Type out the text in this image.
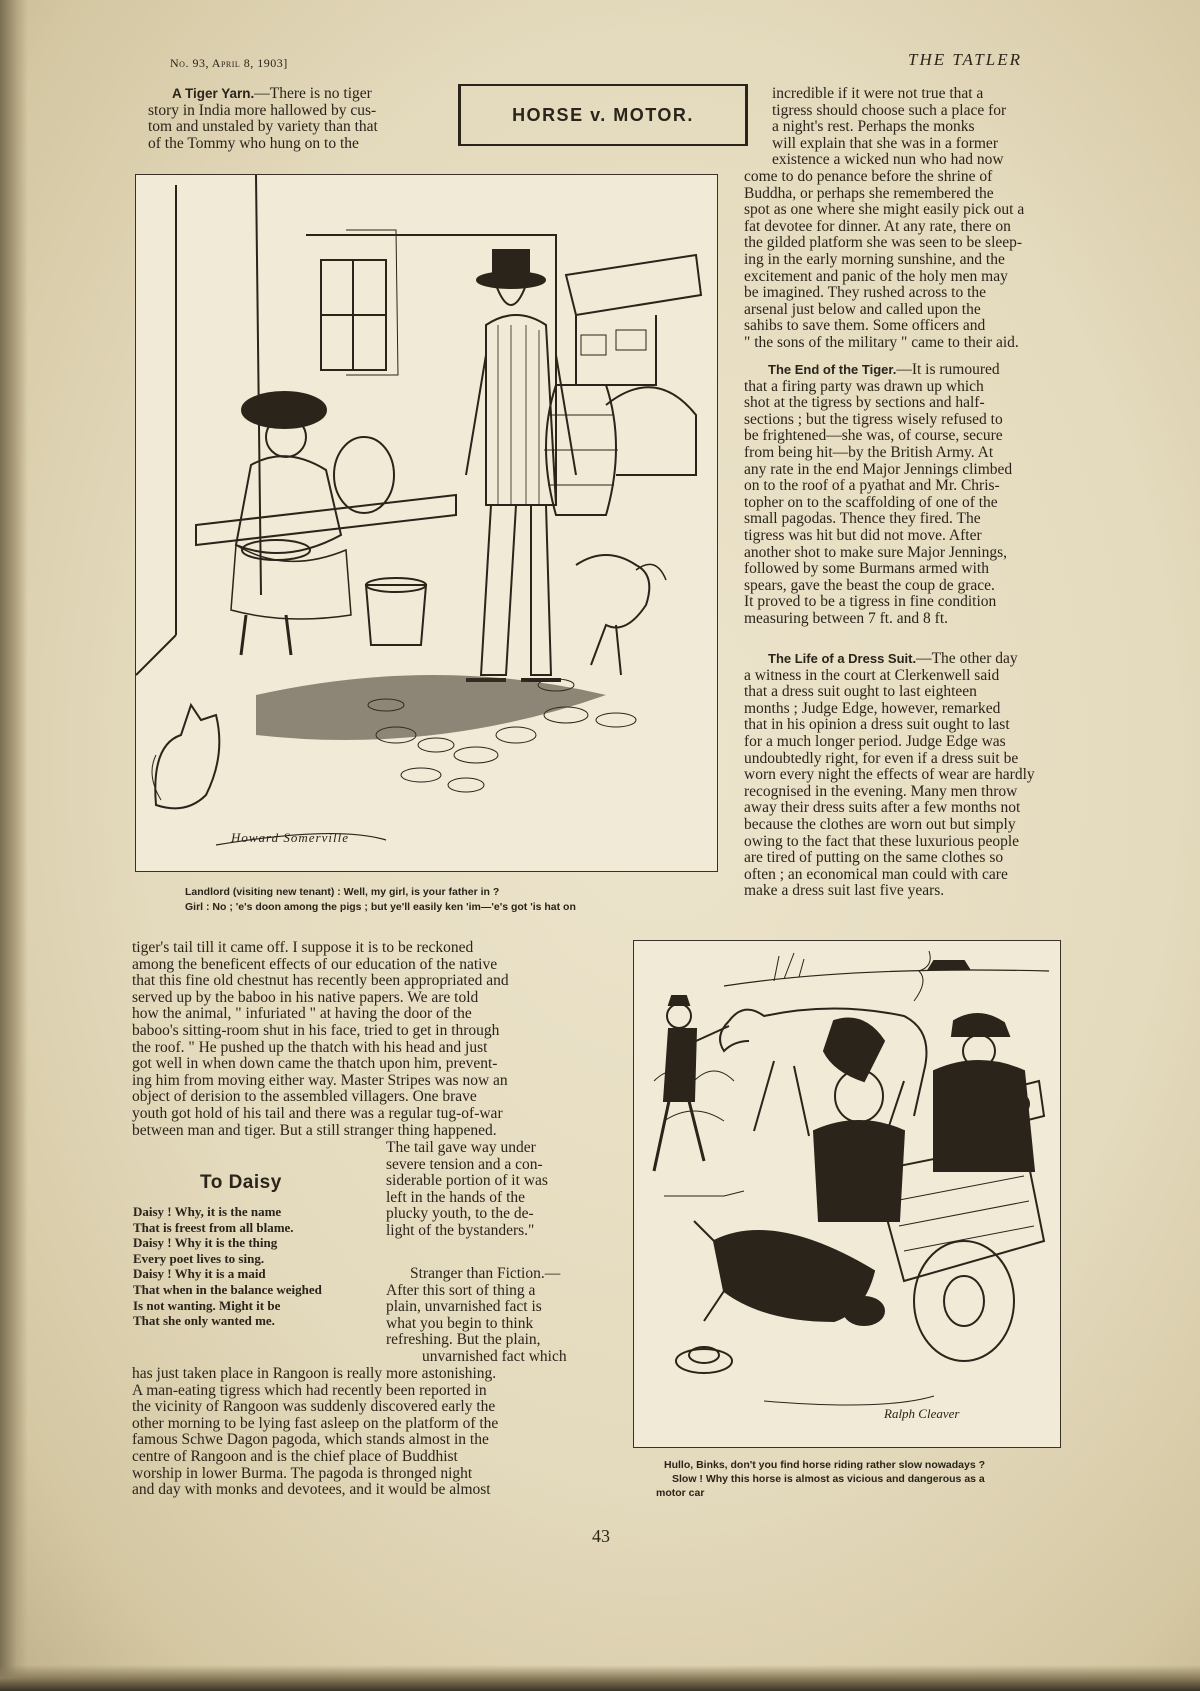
No. 93, April 8, 1903]	THE TATLER

A Tiger Yarn.—There is no tiger

story in India more hallowed by cus-

tom and unstaled by variety than that

of the Tommy who hung on to the

HORSE v. MOTOR.
Howard Somerville
Landlord (visiting new tenant) : Well, my girl, is your father in ?
Girl : No ; 'e's doon among the pigs ; but ye'll easily ken 'im—'e's got 'is hat on

incredible if it were not true that a

tigress should choose such a place for

a night's rest. Perhaps the monks

will explain that she was in a former

existence a wicked nun who had now

come to do penance before the shrine of

Buddha, or perhaps she remembered the

spot as one where she might easily pick out a

fat devotee for dinner. At any rate, there on

the gilded platform she was seen to be sleep-

ing in the early morning sunshine, and the

excitement and panic of the holy men may

be imagined. They rushed across to the

arsenal just below and called upon the

sahibs to save them. Some officers and

" the sons of the military " came to their aid.

The End of the Tiger.—It is rumoured

that a firing party was drawn up which

shot at the tigress by sections and half-

sections ; but the tigress wisely refused to

be frightened—she was, of course, secure

from being hit—by the British Army. At

any rate in the end Major Jennings climbed

on to the roof of a pyathat and Mr. Chris-

topher on to the scaffolding of one of the

small pagodas. Thence they fired. The

tigress was hit but did not move. After

another shot to make sure Major Jennings,

followed by some Burmans armed with

spears, gave the beast the coup de grace.

It proved to be a tigress in fine condition

measuring between 7 ft. and 8 ft.

The Life of a Dress Suit.—The other day

a witness in the court at Clerkenwell said

that a dress suit ought to last eighteen

months ; Judge Edge, however, remarked

that in his opinion a dress suit ought to last

for a much longer period. Judge Edge was

undoubtedly right, for even if a dress suit be

worn every night the effects of wear are hardly

recognised in the evening. Many men throw

away their dress suits after a few months not

because the clothes are worn out but simply

owing to the fact that these luxurious people

are tired of putting on the same clothes so

often ; an economical man could with care

make a dress suit last five years.

tiger's tail till it came off. I suppose it is to be reckoned

among the beneficent effects of our education of the native

that this fine old chestnut has recently been appropriated and

served up by the baboo in his native papers. We are told

how the animal, " infuriated " at having the door of the

baboo's sitting-room shut in his face, tried to get in through

the roof. " He pushed up the thatch with his head and just

got well in when down came the thatch upon him, prevent-

ing him from moving either way. Master Stripes was now an

object of derision to the assembled villagers. One brave

youth got hold of his tail and there was a regular tug-of-war

between man and tiger. But a still stranger thing happened.

The tail gave way under

severe tension and a con-

siderable portion of it was

left in the hands of the

plucky youth, to the de-

light of the bystanders."

Stranger than Fiction.—

After this sort of thing a

plain, unvarnished fact is

what you begin to think

refreshing. But the plain,

unvarnished fact which

To Daisy
Daisy ! Why, it is the name
That is freest from all blame.
Daisy ! Why it is the thing
Every poet lives to sing.
Daisy ! Why it is a maid
That when in the balance weighed
Is not wanting. Might it be
That she only wanted me.

has just taken place in Rangoon is really more astonishing.

A man-eating tigress which had recently been reported in

the vicinity of Rangoon was suddenly discovered early the

other morning to be lying fast asleep on the platform of the

famous Schwe Dagon pagoda, which stands almost in the

centre of Rangoon and is the chief place of Buddhist

worship in lower Burma. The pagoda is thronged night

and day with monks and devotees, and it would be almost

Ralph Cleaver
Hullo, Binks, don't you find horse riding rather slow nowadays ?
Slow ! Why this horse is almost as vicious and dangerous as a
motor car
43
